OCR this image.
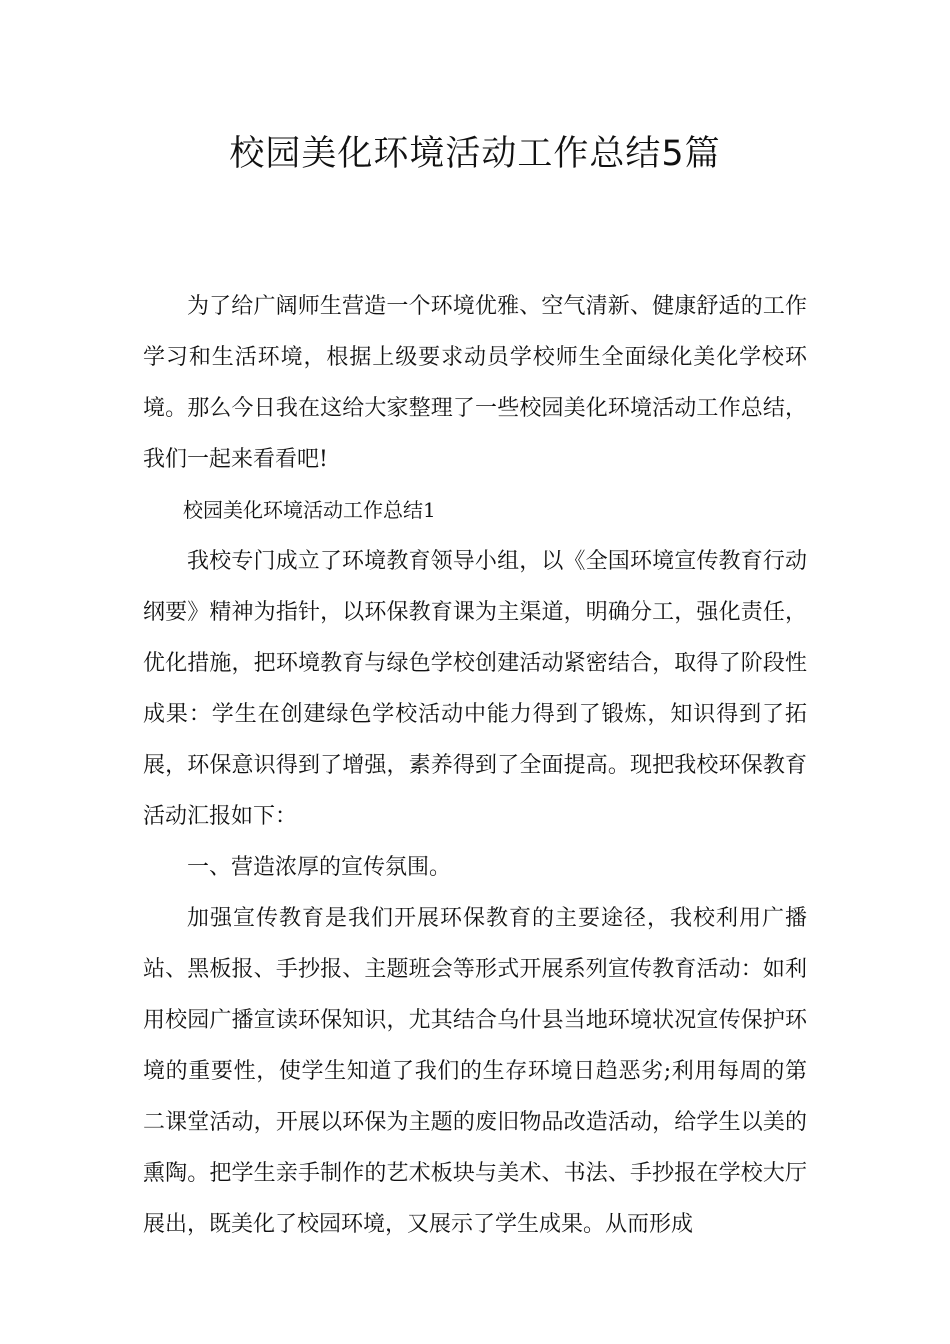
校园美化环境活动工作总结5篇

为了给广阔师生营造一个环境优雅、空气清新、健康舒适的工作学习和生活环境，根据上级要求动员学校师生全面绿化美化学校环境。那么今日我在这给大家整理了一些校园美化环境活动工作总结，我们一起来看看吧!

校园美化环境活动工作总结1

我校专门成立了环境教育领导小组，以《全国环境宣传教育行动纲要》精神为指针，以环保教育课为主渠道，明确分工，强化责任，优化措施，把环境教育与绿色学校创建活动紧密结合，取得了阶段性成果：学生在创建绿色学校活动中能力得到了锻炼，知识得到了拓展，环保意识得到了增强，素养得到了全面提高。现把我校环保教育活动汇报如下：

一、营造浓厚的宣传氛围。

加强宣传教育是我们开展环保教育的主要途径，我校利用广播站、黑板报、手抄报、主题班会等形式开展系列宣传教育活动：如利用校园广播宣读环保知识，尤其结合乌什县当地环境状况宣传保护环境的重要性，使学生知道了我们的生存环境日趋恶劣;利用每周的第二课堂活动，开展以环保为主题的废旧物品改造活动，给学生以美的熏陶。把学生亲手制作的艺术板块与美术、书法、手抄报在学校大厅展出，既美化了校园环境，又展示了学生成果。从而形成
